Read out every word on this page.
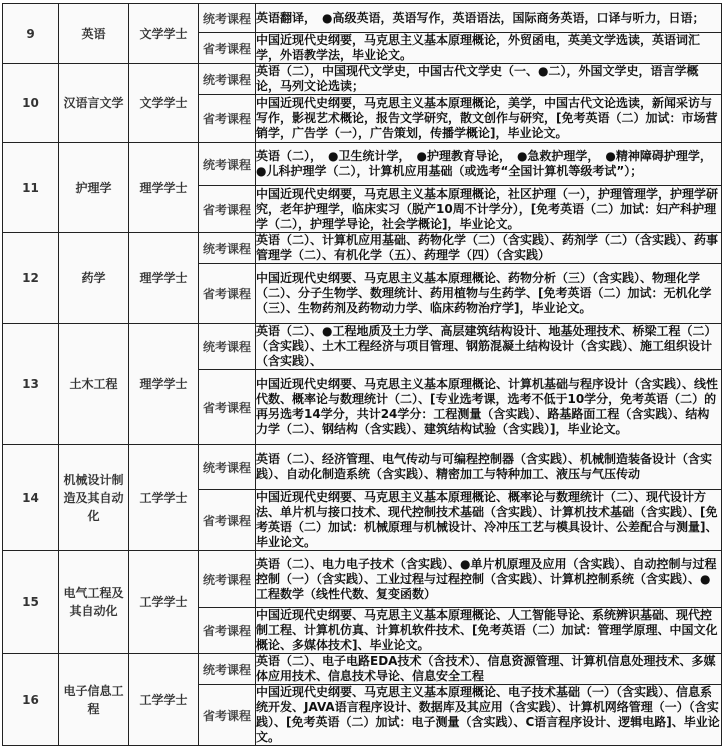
9	英语	文学学士	统考课程	英语翻译，　●高级英语，英语写作，英语语法，国际商务英语，口译与听力，日语；

			省考课程	中国近现代史纲要，马克思主义基本原理概论，外贸函电，英美文学选读，英语词汇学，外语教学法，毕业论文。

10	汉语言文学	文学学士	统考课程	英语（二），中国现代文学史，中国古代文学史（一、●二），外国文学史，语言学概论，马列文论选读；

			省考课程	中国近现代史纲要，马克思主义基本原理概论，美学，中国古代文论选读，新闻采访与写作，影视艺术概论，报告文学研究，散文创作与研究，[免考英语（二）加试：市场营销学，广告学（一），广告策划，传播学概论]，毕业论文。

11	护理学	理学学士	统考课程	英语（二），　●卫生统计学，　●护理教育导论，　●急救护理学，　●精神障碍护理学，　●儿科护理学（二），计算机应用基础（或选考“全国计算机等级考试”）；

			省考课程	中国近现代史纲要，马克思主义基本原理概论，社区护理（一），护理管理学，护理学研究，老年护理学，临床实习（脱产10周不计学分），[免考英语（二）加试：妇产科护理学（二），护理学导论，社会学概论]，毕业论文。

12	药学	理学学士	统考课程	英语（二）、计算机应用基础、药物化学（二）（含实践）、药剂学（二）（含实践）、药事管理学（二）、有机化学（五）、药理学（四）（含实践）

			省考课程	中国近现代史纲要、马克思主义基本原理概论、药物分析（三）（含实践）、物理化学（二）、分子生物学、数理统计、药用植物与生药学、[免考英语（二）加试：无机化学（三）、生物药剂及药物动力学、临床药物治疗学]，毕业论文。

13	土木工程	理学学士	统考课程	英语（二）、●工程地质及土力学、高层建筑结构设计、地基处理技术、桥梁工程（二）（含实践）、土木工程经济与项目管理、钢筋混凝土结构设计（含实践）、施工组织设计（含实践）、

			省考课程	中国近现代史纲要、马克思主义基本原理概论、计算机基础与程序设计（含实践）、线性代数、概率论与数理统计（二）、[专业选考课，选考不低于10学分，免考英语（二）的再另选考14学分，共计24学分：工程测量（含实践）、路基路面工程（含实践）、结构力学（二）、钢结构（含实践）、建筑结构试验（含实践）]，毕业论文。

14	机械设计制造及其自动化	工学学士	统考课程	英语（二）、经济管理、电气传动与可编程控制器（含实践）、机械制造装备设计（含实践）、自动化制造系统（含实践）、精密加工与特种加工、液压与气压传动

			省考课程	中国近现代史纲要、马克思主义基本原理概论、概率论与数理统计（二）、现代设计方法、单片机与接口技术、现代控制技术基础（含实践）、计算机技术基础（含实践）、[免考英语（二）加试：机械原理与机械设计、冷冲压工艺与模具设计、公差配合与测量]、毕业论文。

15	电气工程及其自动化	工学学士	统考课程	英语（二）、电力电子技术（含实践）、●单片机原理及应用（含实践）、自动控制与过程控制（一）（含实践）、工业过程与过程控制（含实践）、计算机控制系统（含实践）、●工程数学（线性代数、复变函数）

			省考课程	中国近现代史纲要、马克思主义基本原理概论、人工智能导论、系统辨识基础、现代控制工程、计算机仿真、计算机软件技术、[免考英语（二）加试：管理学原理、中国文化概论、多媒体技术]、毕业论文。

16	电子信息工程	工学学士	统考课程	英语（二）、电子电路EDA技术（含技术）、信息资源管理、计算机信息处理技术、多媒体应用技术、信息技术导论、信息安全工程

			省考课程	中国近现代史纲要、马克思主义基本原理概论、电子技术基础（一）（含实践）、信息系统开发、JAVA语言程序设计、数据库及其应用（含实践）、计算机网络管理（一）（含实践）、[免考英语（二）加试：电子测量（含实践）、C语言程序设计、逻辑电路]、毕业论文。
